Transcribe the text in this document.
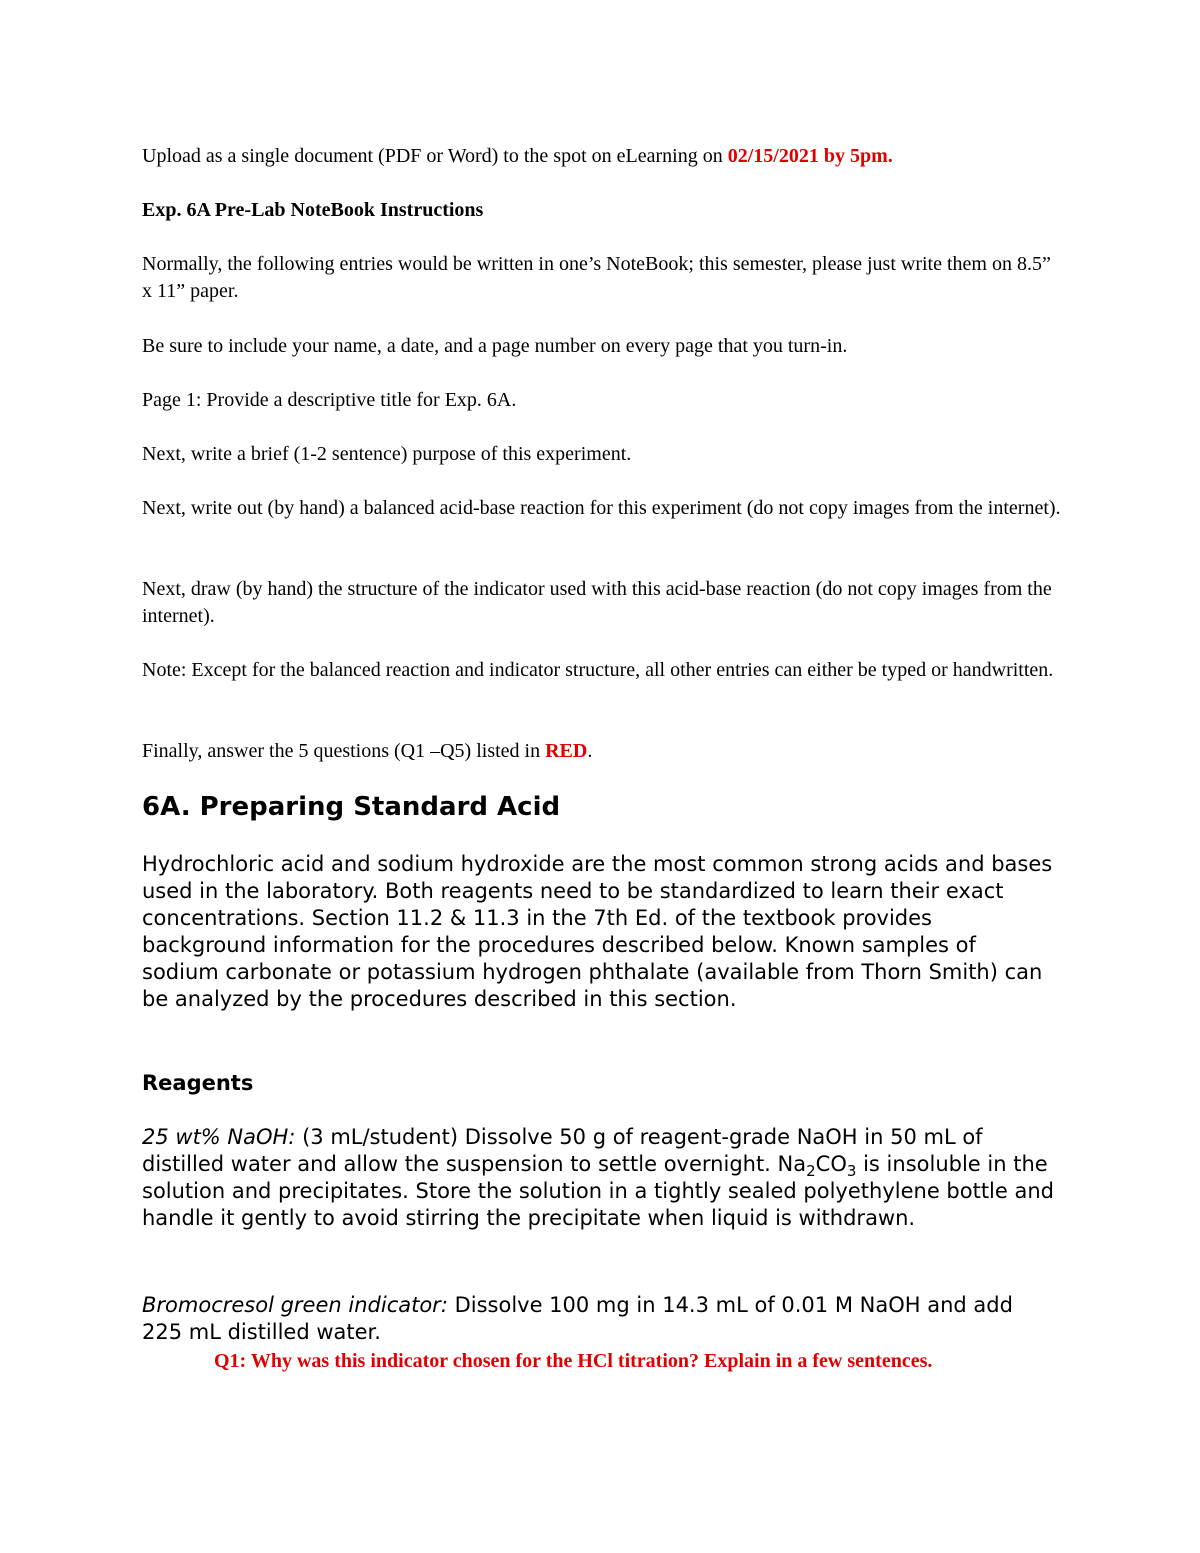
Upload as a single document (PDF or Word) to the spot on eLearning on 02/15/2021 by 5pm.

Exp. 6A Pre-Lab NoteBook Instructions

Normally, the following entries would be written in one’s NoteBook; this semester, please just write them on 8.5” x 11” paper.

Be sure to include your name, a date, and a page number on every page that you turn-in.

Page 1: Provide a descriptive title for Exp. 6A.

Next, write a brief (1-2 sentence) purpose of this experiment.

Next, write out (by hand) a balanced acid-base reaction for this experiment (do not copy images from the internet).

Next, draw (by hand) the structure of the indicator used with this acid-base reaction (do not copy images from the internet).

Note: Except for the balanced reaction and indicator structure, all other entries can either be typed or handwritten.

Finally, answer the 5 questions (Q1 –Q5) listed in RED.

6A. Preparing Standard Acid

Hydrochloric acid and sodium hydroxide are the most common strong acids and bases used in the laboratory. Both reagents need to be standardized to learn their exact concentrations. Section 11.2 & 11.3 in the 7th Ed. of the textbook provides background information for the procedures described below. Known samples of sodium carbonate or potassium hydrogen phthalate (available from Thorn Smith) can be analyzed by the procedures described in this section.

Reagents

25 wt% NaOH: (3 mL/student) Dissolve 50 g of reagent-grade NaOH in 50 mL of distilled water and allow the suspension to settle overnight. $Na_2CO_3$ is insoluble in the solution and precipitates. Store the solution in a tightly sealed polyethylene bottle and handle it gently to avoid stirring the precipitate when liquid is withdrawn.

Bromocresol green indicator: Dissolve 100 mg in 14.3 mL of 0.01 M NaOH and add 225 mL distilled water.

Q1: Why was this indicator chosen for the HCl titration? Explain in a few sentences.
